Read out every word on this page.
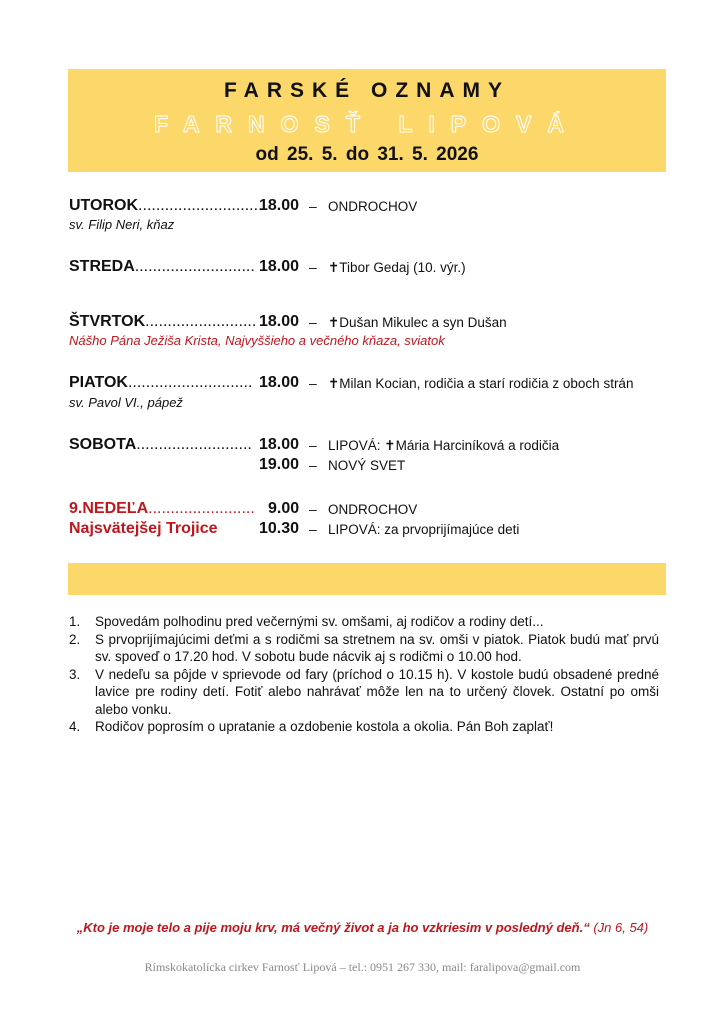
FARSKÉ OZNAMY
FARNOSŤ LIPOVÁ
od 25. 5. do 31. 5. 2026
UTOROK............................
18.00 – ONDROCHOV
sv. Filip Neri, kňaz
STREDA........................... 18.00 – ✝Tibor Gedaj (10. výr.)
ŠTVRTOK......................... 18.00 – ✝Dušan Mikulec a syn Dušan
Nášho Pána Ježiša Krista, Najvyššieho a večného kňaza, sviatok
PIATOK............................ 18.00 – ✝Milan Kocian, rodičia a starí rodičia z oboch strán
sv. Pavol VI., pápež
SOBOTA.......................... 18.00 – LIPOVÁ: ✝Mária Harciníková a rodičia
19.00 – NOVÝ SVET
9.NEDEĽA........................ 9.00 – ONDROCHOV
Najsvätejšej Trojice	10.30 – LIPOVÁ: za prvoprijímajúce deti
1. Spovedám polhodinu pred večernými sv. omšami, aj rodičov a rodiny detí...
2. S prvoprijímajúcimi deťmi a s rodičmi sa stretnem na sv. omši v piatok. Piatok budú mať prvú sv. spoveď o 17.20 hod. V sobotu bude nácvik aj s rodičmi o 10.00 hod.
3. V nedeľu sa pôjde v sprievode od fary (príchod o 10.15 h). V kostole budú obsadené predné lavice pre rodiny detí. Fotiť alebo nahrávať môže len na to určený človek. Ostatní po omši alebo vonku.
4. Rodičov poprosím o upratanie a ozdobenie kostola a okolia. Pán Boh zaplať!
„Kto je moje telo a pije moju krv, má večný život a ja ho vzkriesim v posledný deň.“ (Jn 6, 54)
Rímskokatolícka cirkev Farnosť Lipová – tel.: 0951 267 330, mail: faralipova@gmail.com
